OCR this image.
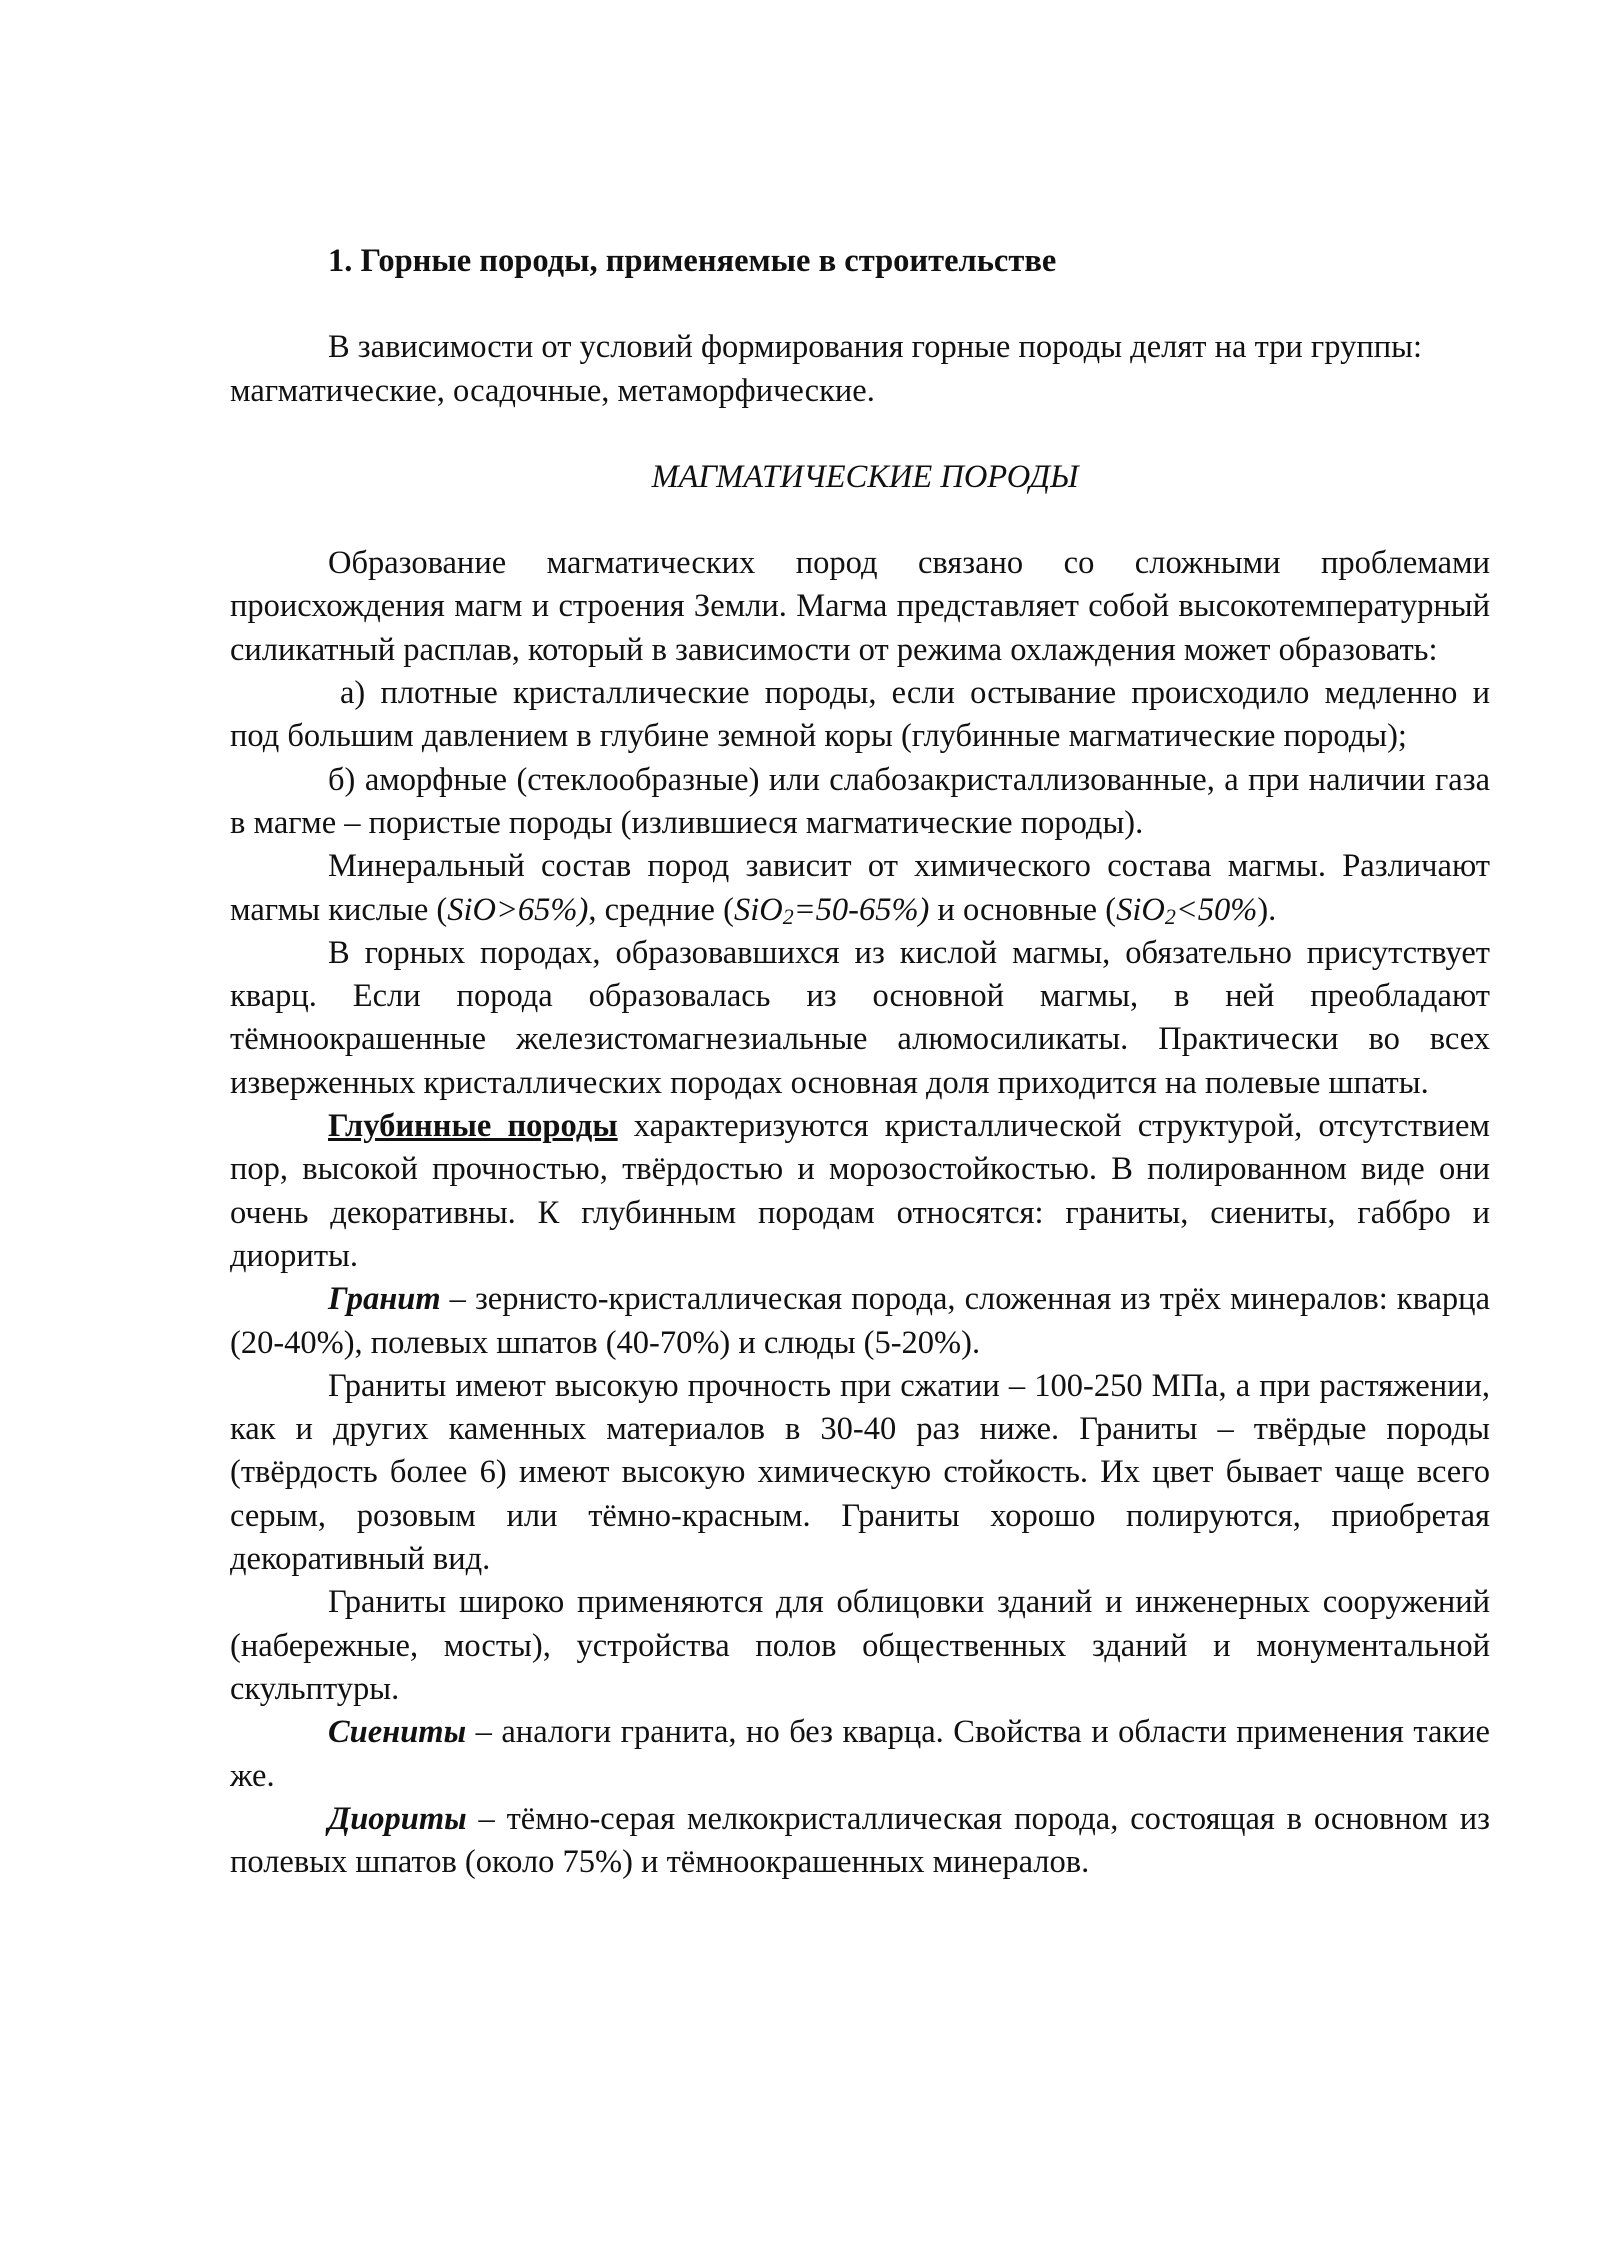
1. Горные породы, применяемые в строительстве

В зависимости от условий формирования горные породы делят на три группы: магматические, осадочные, метаморфические.

МАГМАТИЧЕСКИЕ ПОРОДЫ

Образование магматических пород связано со сложными проблемами происхождения магм и строения Земли. Магма представляет собой высокотемпературный силикатный расплав, который в зависимости от режима охлаждения может образовать:

а) плотные кристаллические породы, если остывание происходило медленно и под большим давлением в глубине земной коры (глубинные магматические породы);

б) аморфные (стеклообразные) или слабозакристаллизованные, а при наличии газа в магме – пористые породы (излившиеся магматические породы).

Минеральный состав пород зависит от химического состава магмы. Различают магмы кислые (SiO>65%), средние (SiO$_2$=50-65%) и основные (SiO$_2$<50%).

В горных породах, образовавшихся из кислой магмы, обязательно присутствует кварц. Если порода образовалась из основной магмы, в ней преобладают тёмноокрашенные железистомагнезиальные алюмосиликаты. Практически во всех изверженных кристаллических породах основная доля приходится на полевые шпаты.

Глубинные породы характеризуются кристаллической структурой, отсутствием пор, высокой прочностью, твёрдостью и морозостойкостью. В полированном виде они очень декоративны. К глубинным породам относятся: граниты, сиениты, габбро и диориты.

Гранит – зернисто-кристаллическая порода, сложенная из трёх минералов: кварца (20-40%), полевых шпатов (40-70%) и слюды (5-20%).

Граниты имеют высокую прочность при сжатии – 100-250 МПа, а при растяжении, как и других каменных материалов в 30-40 раз ниже. Граниты – твёрдые породы (твёрдость более 6) имеют высокую химическую стойкость. Их цвет бывает чаще всего серым, розовым или тёмно-красным. Граниты хорошо полируются, приобретая декоративный вид.

Граниты широко применяются для облицовки зданий и инженерных сооружений (набережные, мосты), устройства полов общественных зданий и монументальной скульптуры.

Сиениты – аналоги гранита, но без кварца. Свойства и области применения такие же.

Диориты – тёмно-серая мелкокристаллическая порода, состоящая в основном из полевых шпатов (около 75%) и тёмноокрашенных минералов.
